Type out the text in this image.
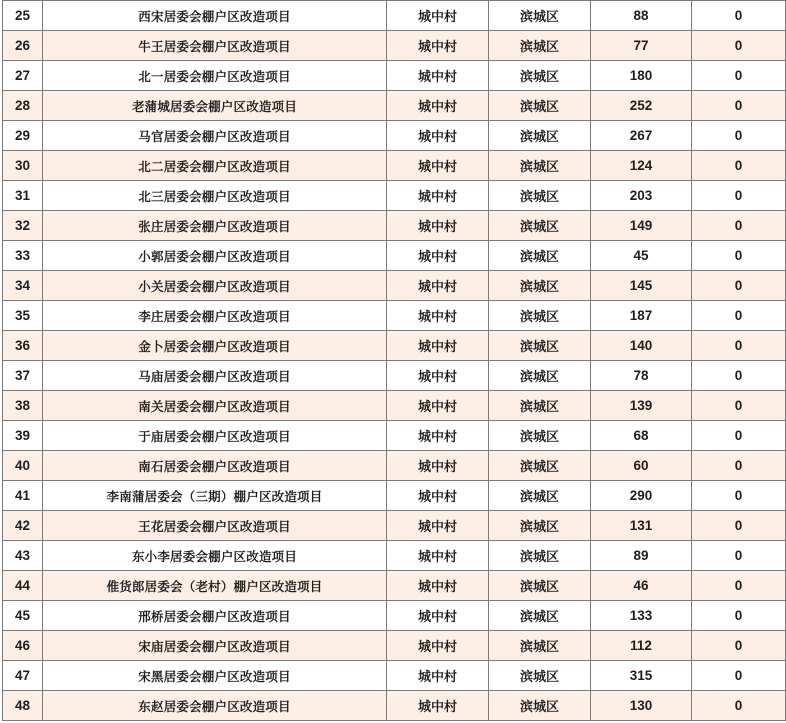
25	西宋居委会棚户区改造项目	城中村	滨城区	88	0
26	牛王居委会棚户区改造项目	城中村	滨城区	77	0
27	北一居委会棚户区改造项目	城中村	滨城区	180	0
28	老蒲城居委会棚户区改造项目	城中村	滨城区	252	0
29	马官居委会棚户区改造项目	城中村	滨城区	267	0
30	北二居委会棚户区改造项目	城中村	滨城区	124	0
31	北三居委会棚户区改造项目	城中村	滨城区	203	0
32	张庄居委会棚户区改造项目	城中村	滨城区	149	0
33	小郭居委会棚户区改造项目	城中村	滨城区	45	0
34	小关居委会棚户区改造项目	城中村	滨城区	145	0
35	李庄居委会棚户区改造项目	城中村	滨城区	187	0
36	金卜居委会棚户区改造项目	城中村	滨城区	140	0
37	马庙居委会棚户区改造项目	城中村	滨城区	78	0
38	南关居委会棚户区改造项目	城中村	滨城区	139	0
39	于庙居委会棚户区改造项目	城中村	滨城区	68	0
40	南石居委会棚户区改造项目	城中村	滨城区	60	0
41	李南蒲居委会（三期）棚户区改造项目	城中村	滨城区	290	0
42	王花居委会棚户区改造项目	城中村	滨城区	131	0
43	东小李居委会棚户区改造项目	城中村	滨城区	89	0
44	倠货郎居委会（老村）棚户区改造项目	城中村	滨城区	46	0
45	邢桥居委会棚户区改造项目	城中村	滨城区	133	0
46	宋庙居委会棚户区改造项目	城中村	滨城区	112	0
47	宋黑居委会棚户区改造项目	城中村	滨城区	315	0
48	东赵居委会棚户区改造项目	城中村	滨城区	130	0
